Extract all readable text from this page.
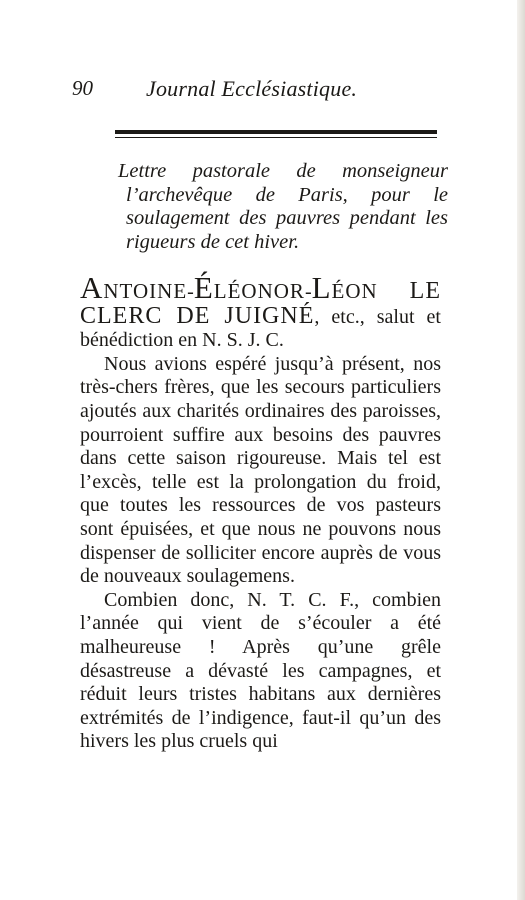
90 Journal Ecclésiastique.
Lettre pastorale de monseigneur l’archevêque de Paris, pour le soulagement des pauvres pendant les rigueurs de cet hiver.

ANTOINE-ÉLÉONOR-LÉON LE CLERC DE JUIGNÉ, etc., salut et bénédiction en N. S. J. C.

Nous avions espéré jusqu’à présent, nos très-chers frères, que les secours particuliers ajoutés aux charités ordinaires des paroisses, pourroient suffire aux besoins des pauvres dans cette saison rigoureuse. Mais tel est l’excès, telle est la prolongation du froid, que toutes les ressources de vos pasteurs sont épuisées, et que nous ne pouvons nous dispenser de solliciter encore auprès de vous de nouveaux soulagemens.

Combien donc, N. T. C. F., combien l’année qui vient de s’écouler a été malheureuse ! Après qu’une grêle désastreuse a dévasté les campagnes, et réduit leurs tristes habitans aux dernières extrémités de l’indigence, faut-il qu’un des hivers les plus cruels qui
